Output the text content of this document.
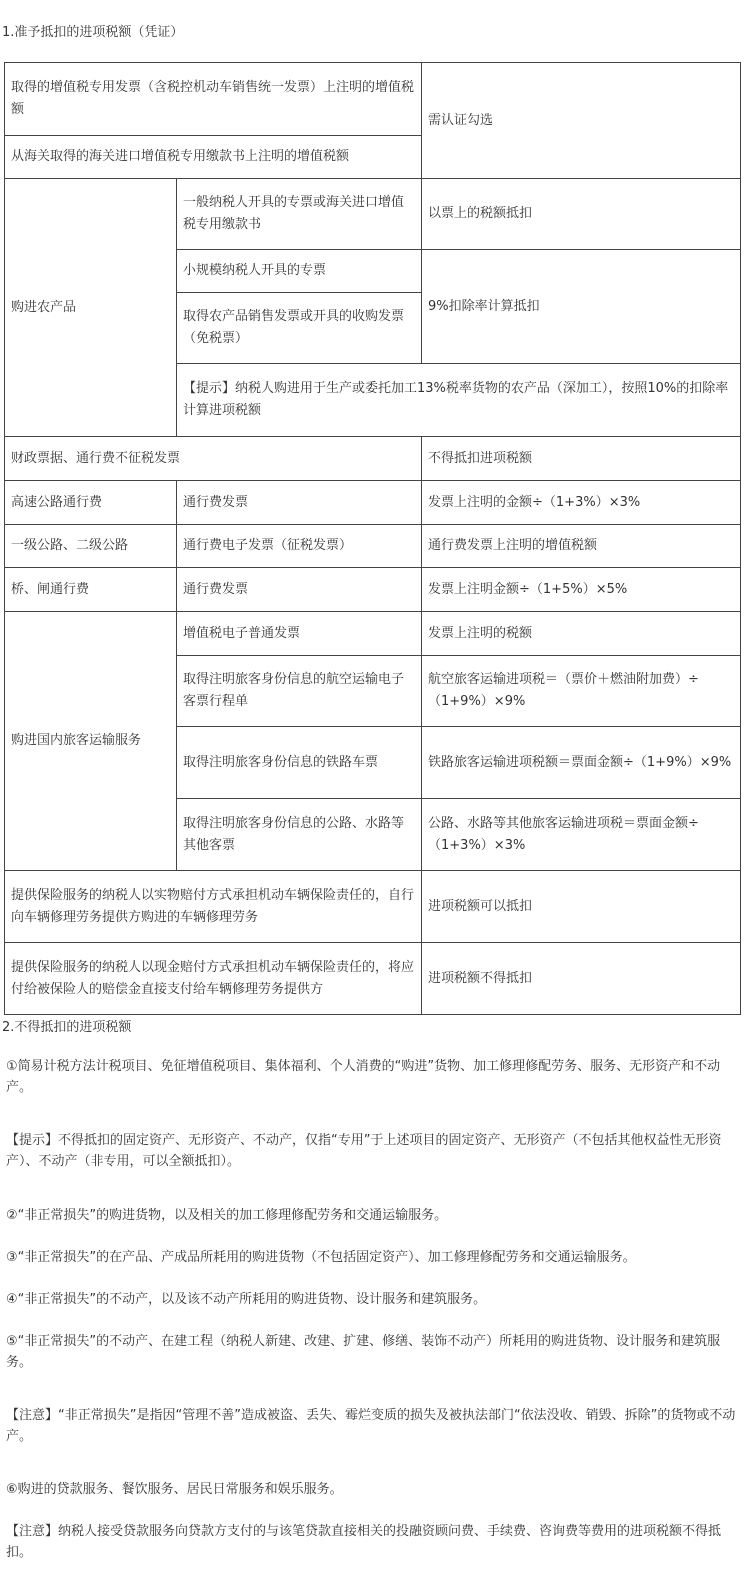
1.准予抵扣的进项税额（凭证）
取得的增值税专用发票（含税控机动车销售统一发票）上注明的增值税额		需认证勾选
从海关取得的海关进口增值税专用缴款书上注明的增值税额		
购进农产品	一般纳税人开具的专票或海关进口增值税专用缴款书	以票上的税额抵扣
	小规模纳税人开具的专票	9%扣除率计算抵扣
	取得农产品销售发票或开具的收购发票（免税票）	
	【提示】纳税人购进用于生产或委托加工13%税率货物的农产品（深加工），按照10%的扣除率计算进项税额	
财政票据、通行费不征税发票		不得抵扣进项税额
高速公路通行费	通行费发票	发票上注明的金额÷（1+3%）×3%
一级公路、二级公路	通行费电子发票（征税发票）	通行费发票上注明的增值税额
桥、闸通行费	通行费发票	发票上注明金额÷（1+5%）×5%
购进国内旅客运输服务	增值税电子普通发票	发票上注明的税额
	取得注明旅客身份信息的航空运输电子客票行程单	航空旅客运输进项税＝（票价＋燃油附加费）÷（1+9%）×9%
	取得注明旅客身份信息的铁路车票	铁路旅客运输进项税额＝票面金额÷（1+9%）×9%
	取得注明旅客身份信息的公路、水路等其他客票	公路、水路等其他旅客运输进项税＝票面金额÷（1+3%）×3%
提供保险服务的纳税人以实物赔付方式承担机动车辆保险责任的，自行向车辆修理劳务提供方购进的车辆修理劳务		进项税额可以抵扣
提供保险服务的纳税人以现金赔付方式承担机动车辆保险责任的，将应付给被保险人的赔偿金直接支付给车辆修理劳务提供方		进项税额不得抵扣
2.不得抵扣的进项税额
①简易计税方法计税项目、免征增值税项目、集体福利、个人消费的“购进”货物、加工修理修配劳务、服务、无形资产和不动产。
【提示】不得抵扣的固定资产、无形资产、不动产，仅指“专用”于上述项目的固定资产、无形资产（不包括其他权益性无形资产）、不动产（非专用，可以全额抵扣）。
②“非正常损失”的购进货物，以及相关的加工修理修配劳务和交通运输服务。
③“非正常损失”的在产品、产成品所耗用的购进货物（不包括固定资产）、加工修理修配劳务和交通运输服务。
④“非正常损失”的不动产，以及该不动产所耗用的购进货物、设计服务和建筑服务。
⑤“非正常损失”的不动产、在建工程（纳税人新建、改建、扩建、修缮、装饰不动产）所耗用的购进货物、设计服务和建筑服务。
【注意】“非正常损失”是指因“管理不善”造成被盗、丢失、霉烂变质的损失及被执法部门“依法没收、销毁、拆除”的货物或不动产。
⑥购进的贷款服务、餐饮服务、居民日常服务和娱乐服务。
【注意】纳税人接受贷款服务向贷款方支付的与该笔贷款直接相关的投融资顾问费、手续费、咨询费等费用的进项税额不得抵扣。
